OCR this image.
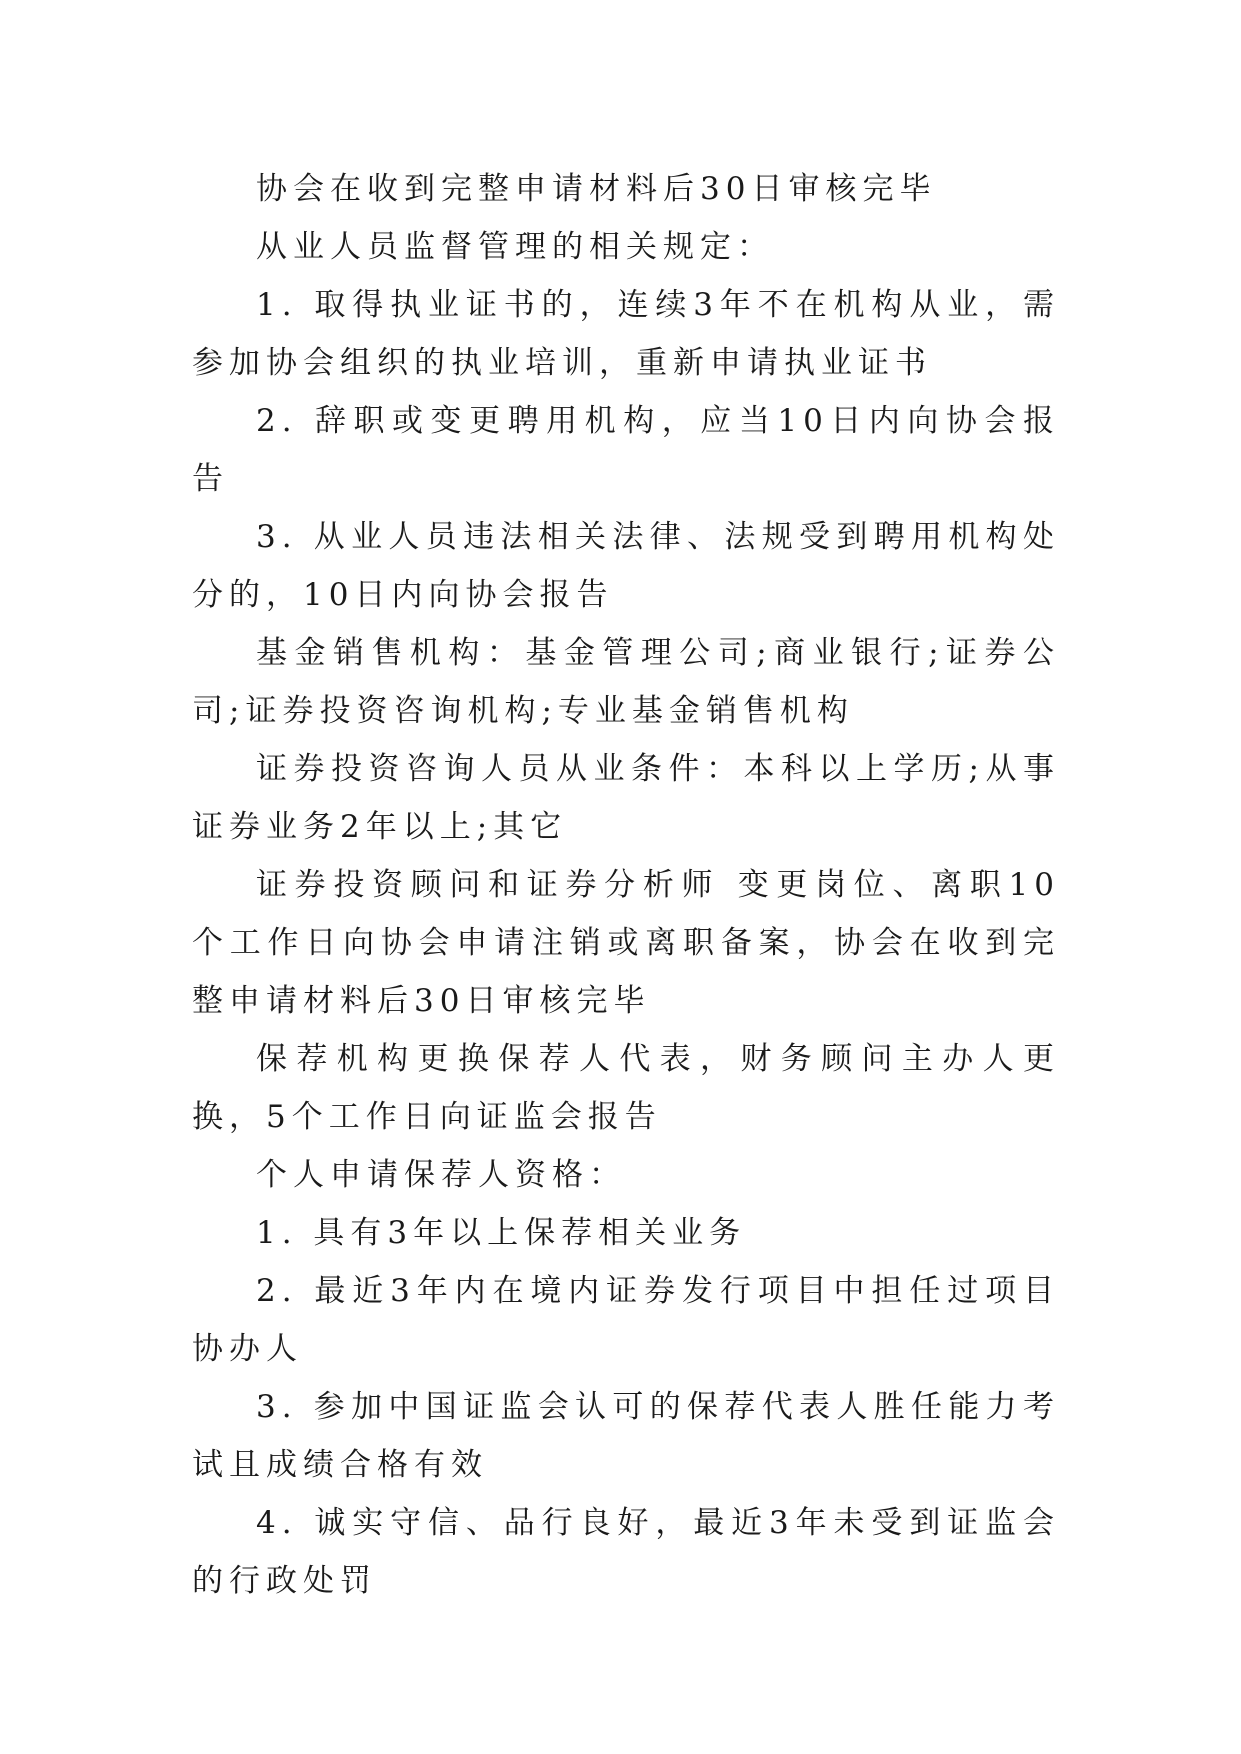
协会在收到完整申请材料后30日审核完毕

从业人员监督管理的相关规定：

1. 取得执业证书的，连续3年不在机构从业，需参加协会组织的执业培训，重新申请执业证书

2. 辞职或变更聘用机构，应当10日内向协会报告

3. 从业人员违法相关法律、法规受到聘用机构处分的，10日内向协会报告

基金销售机构：基金管理公司;商业银行;证券公司;证券投资咨询机构;专业基金销售机构

证券投资咨询人员从业条件：本科以上学历;从事证券业务2年以上;其它

证券投资顾问和证券分析师 变更岗位、离职10个工作日向协会申请注销或离职备案，协会在收到完整申请材料后30日审核完毕

保荐机构更换保荐人代表，财务顾问主办人更换，5个工作日向证监会报告

个人申请保荐人资格：

1. 具有3年以上保荐相关业务

2. 最近3年内在境内证券发行项目中担任过项目协办人

3. 参加中国证监会认可的保荐代表人胜任能力考试且成绩合格有效

4. 诚实守信、品行良好，最近3年未受到证监会的行政处罚
